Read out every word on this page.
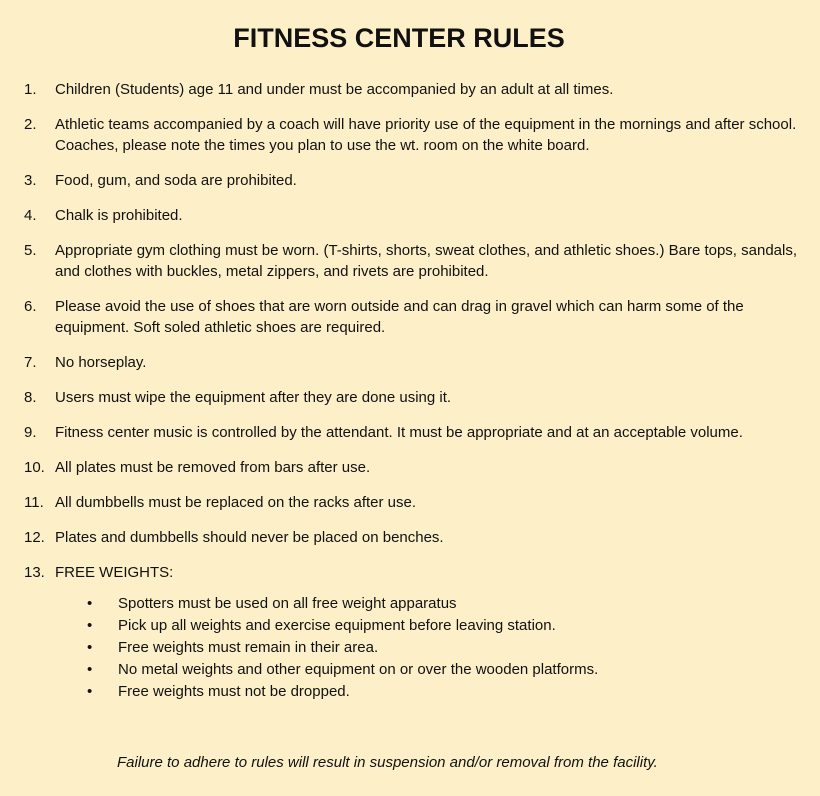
FITNESS CENTER RULES
1.	Children (Students) age 11 and under must be accompanied by an adult at all times.
2.	Athletic teams accompanied by a coach will have priority use of the equipment in the mornings and after school. Coaches, please note the times you plan to use the wt. room on the white board.
3.	Food, gum, and soda are prohibited.
4.	Chalk is prohibited.
5.	Appropriate gym clothing must be worn. (T-shirts, shorts, sweat clothes, and athletic shoes.) Bare tops, sandals, and clothes with buckles, metal zippers, and rivets are prohibited.
6.	Please avoid the use of shoes that are worn outside and can drag in gravel which can harm some of the equipment. Soft soled athletic shoes are required.
7.	No horseplay.
8.	Users must wipe the equipment after they are done using it.
9.	Fitness center music is controlled by the attendant. It must be appropriate and at an acceptable volume.
10. All plates must be removed from bars after use.
11. All dumbbells must be replaced on the racks after use.
12. Plates and dumbbells should never be placed on benches.
13. FREE WEIGHTS:
•	Spotters must be used on all free weight apparatus
•	Pick up all weights and exercise equipment before leaving station.
•	Free weights must remain in their area.
•	No metal weights and other equipment on or over the wooden platforms.
•	Free weights must not be dropped.

Failure to adhere to rules will result in suspension and/or removal from the facility.
